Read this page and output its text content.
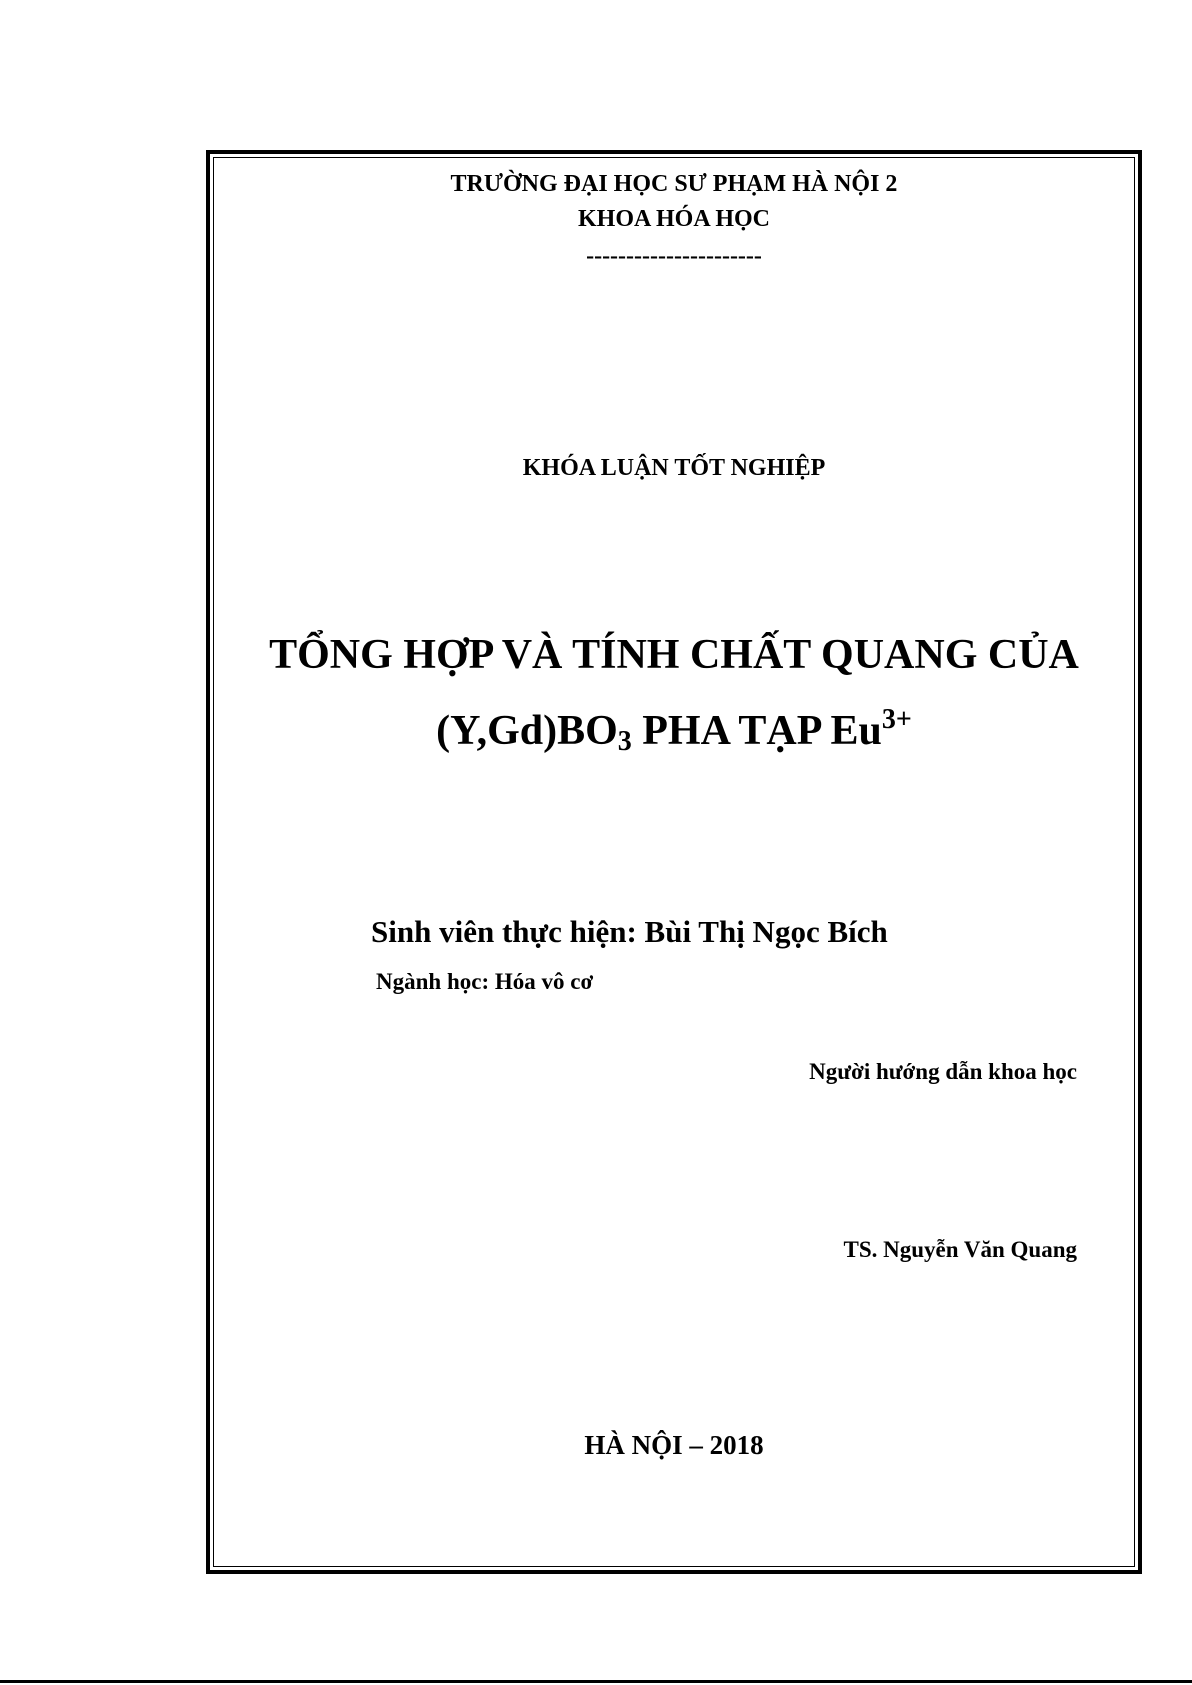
TRƯỜNG ĐẠI HỌC SƯ PHẠM HÀ NỘI 2
KHOA HÓA HỌC
----------------------
KHÓA LUẬN TỐT NGHIỆP
TỔNG HỢP VÀ TÍNH CHẤT QUANG CỦA
$(Y,Gd)BO_3$ PHA TẠP $Eu^{3+}$
Sinh viên thực hiện: Bùi Thị Ngọc Bích
Ngành học: Hóa vô cơ
Người hướng dẫn khoa học
TS. Nguyễn Văn Quang
HÀ NỘI – 2018
